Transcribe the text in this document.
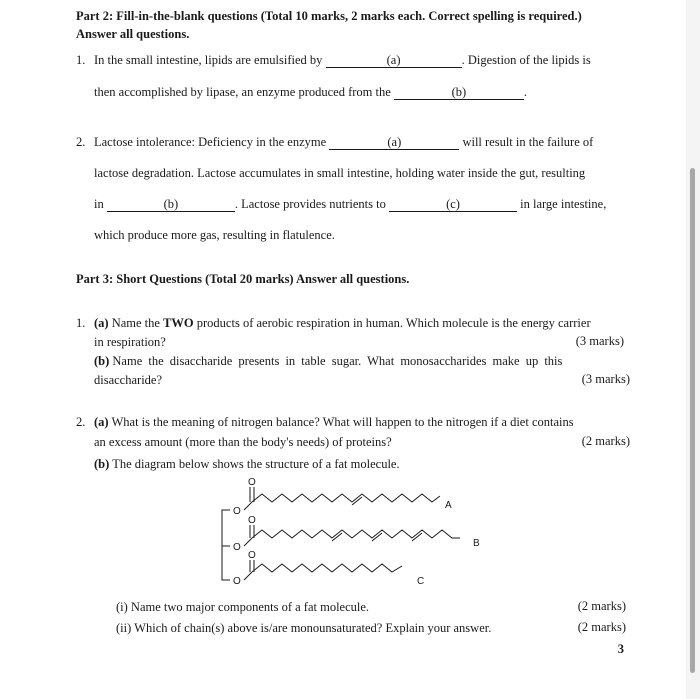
Part 2: Fill-in-the-blank questions (Total 10 marks, 2 marks each. Correct spelling is required.)
Answer all questions.
1. In the small intestine, lipids are emulsified by	(a)	. Digestion of the lipids is
then accomplished by lipase, an enzyme produced from the	(b)	.
2. Lactose intolerance: Deficiency in the enzyme	(a)	will result in the failure of
lactose degradation. Lactose accumulates in small intestine, holding water inside the gut, resulting
in	(b)	. Lactose provides nutrients to	(c)	in large intestine,
which produce more gas, resulting in flatulence.
Part 3: Short Questions (Total 20 marks) Answer all questions.
1. (a) Name the TWO products of aerobic respiration in human. Which molecule is the energy carrier
in respiration?	(3 marks)
(b) Name the disaccharide presents in table sugar. What monosaccharides make up this
disaccharide?	(3 marks)
2. (a) What is the meaning of nitrogen balance? What will happen to the nitrogen if a diet contains
an excess amount (more than the body's needs) of proteins?	(2 marks)
(b) The diagram below shows the structure of a fat molecule.
O
O
O
O
O
O
A
B
C
(i) Name two major components of a fat molecule.	(2 marks)
(ii) Which of chain(s) above is/are monounsaturated? Explain your answer.	(2 marks)
3
